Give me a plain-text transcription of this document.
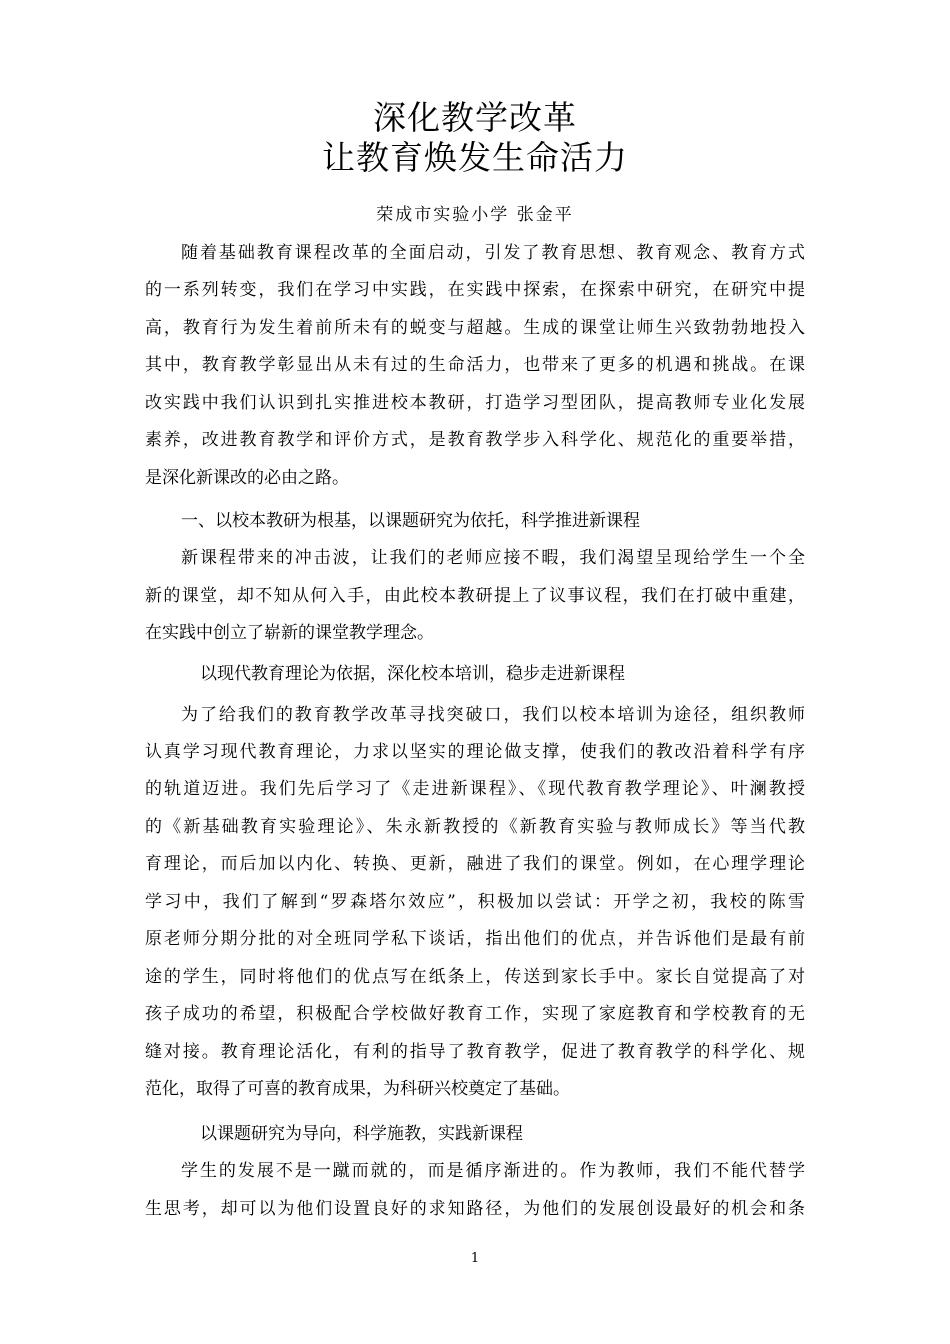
深化教学改革
让教育焕发生命活力
荣成市实验小学 张金平
随着基础教育课程改革的全面启动，引发了教育思想、教育观念、教育方式
的一系列转变，我们在学习中实践，在实践中探索，在探索中研究，在研究中提
高，教育行为发生着前所未有的蜕变与超越。生成的课堂让师生兴致勃勃地投入
其中，教育教学彰显出从未有过的生命活力，也带来了更多的机遇和挑战。在课
改实践中我们认识到扎实推进校本教研，打造学习型团队，提高教师专业化发展
素养，改进教育教学和评价方式，是教育教学步入科学化、规范化的重要举措，
是深化新课改的必由之路。
一、以校本教研为根基，以课题研究为依托，科学推进新课程
新课程带来的冲击波，让我们的老师应接不暇，我们渴望呈现给学生一个全
新的课堂，却不知从何入手，由此校本教研提上了议事议程，我们在打破中重建，
在实践中创立了崭新的课堂教学理念。
以现代教育理论为依据，深化校本培训，稳步走进新课程
为了给我们的教育教学改革寻找突破口，我们以校本培训为途径，组织教师
认真学习现代教育理论，力求以坚实的理论做支撑，使我们的教改沿着科学有序
的轨道迈进。我们先后学习了《走进新课程》、《现代教育教学理论》、叶澜教授
的《新基础教育实验理论》、朱永新教授的《新教育实验与教师成长》等当代教
育理论，而后加以内化、转换、更新，融进了我们的课堂。例如，在心理学理论
学习中，我们了解到“罗森塔尔效应”，积极加以尝试：开学之初，我校的陈雪
原老师分期分批的对全班同学私下谈话，指出他们的优点，并告诉他们是最有前
途的学生，同时将他们的优点写在纸条上，传送到家长手中。家长自觉提高了对
孩子成功的希望，积极配合学校做好教育工作，实现了家庭教育和学校教育的无
缝对接。教育理论活化，有利的指导了教育教学，促进了教育教学的科学化、规
范化，取得了可喜的教育成果，为科研兴校奠定了基础。
以课题研究为导向，科学施教，实践新课程
学生的发展不是一蹴而就的，而是循序渐进的。作为教师，我们不能代替学
生思考，却可以为他们设置良好的求知路径，为他们的发展创设最好的机会和条
1
